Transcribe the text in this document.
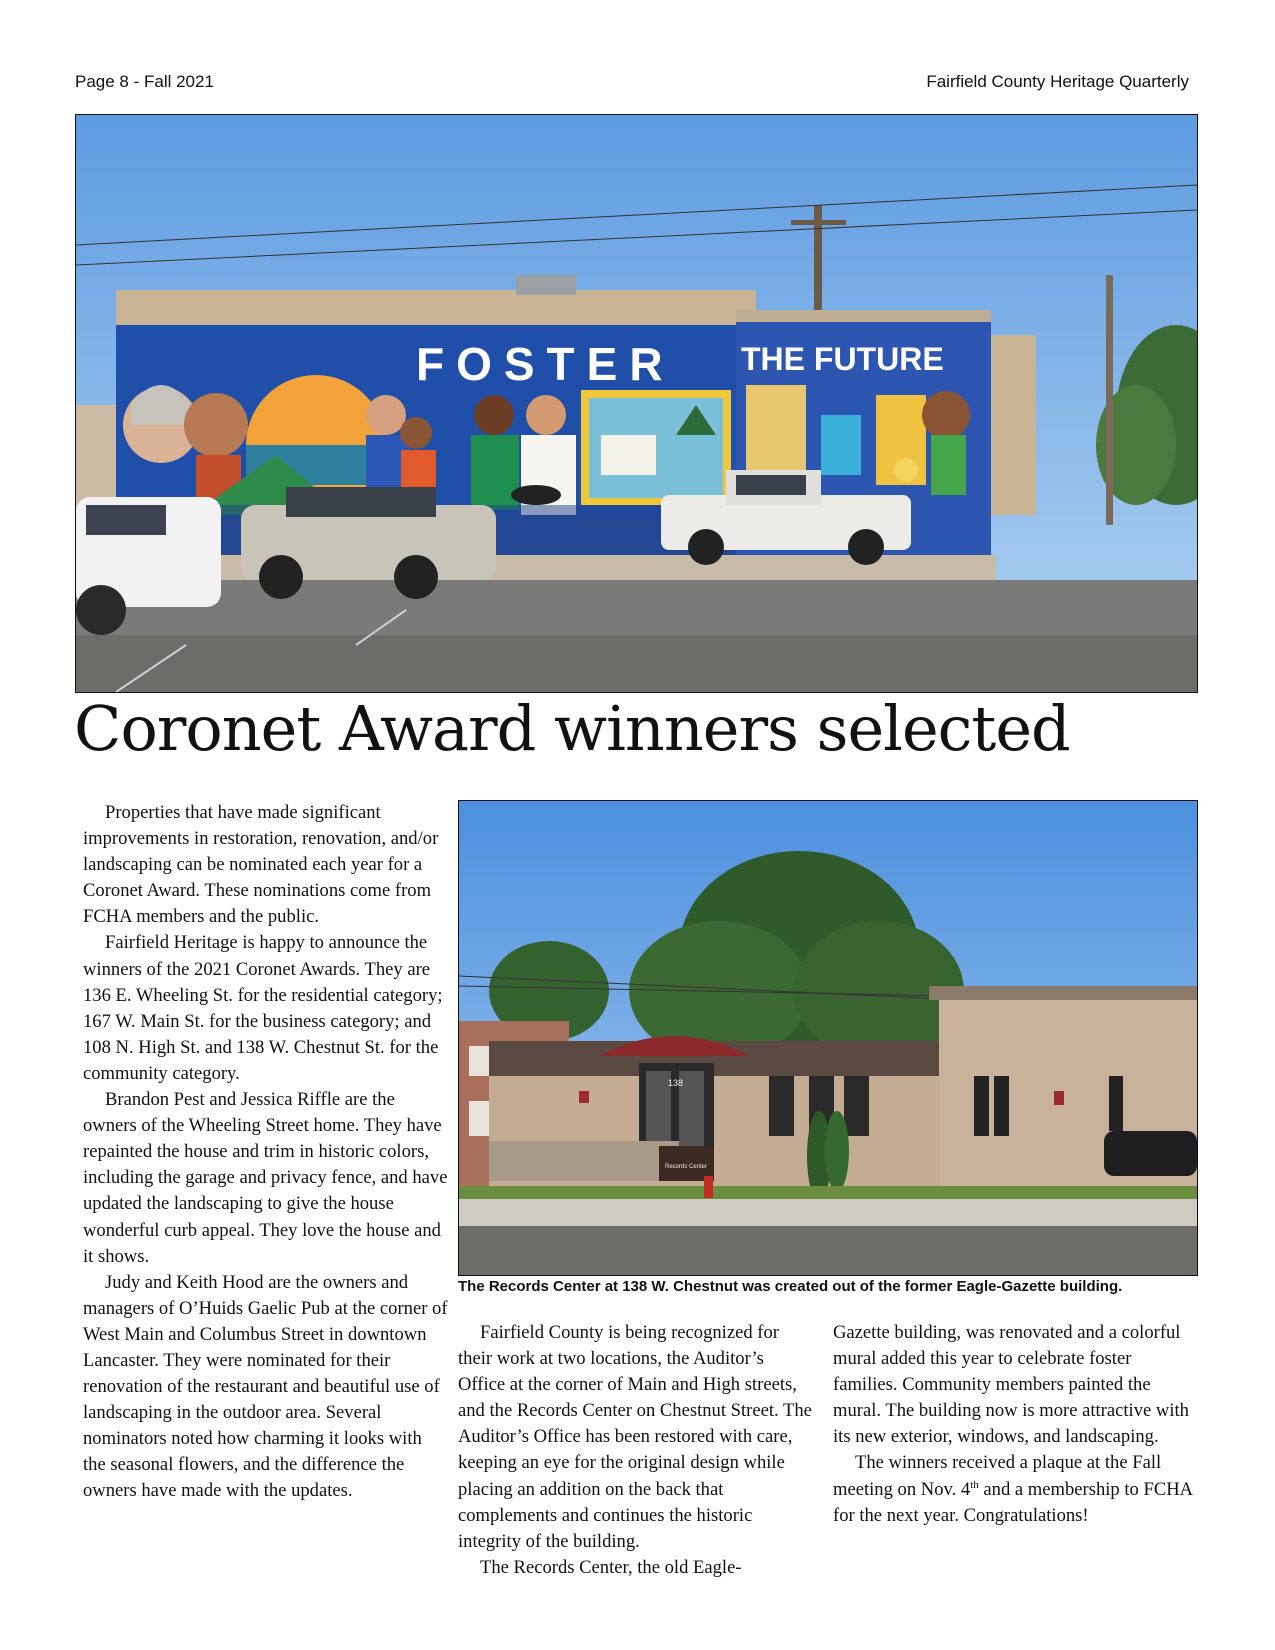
Page 8 - Fall 2021	Fairfield County Heritage Quarterly
FOSTER THE FUTURE
Coronet Award winners selected

Properties that have made significant improvements in restoration, renovation, and/or landscaping can be nominated each year for a Coronet Award. These nominations come from FCHA members and the public.

Fairfield Heritage is happy to announce the winners of the 2021 Coronet Awards. They are 136 E. Wheeling St. for the residential category; 167 W. Main St. for the business category; and 108 N. High St. and 138 W. Chestnut St. for the community category.

Brandon Pest and Jessica Riffle are the owners of the Wheeling Street home. They have repainted the house and trim in historic colors, including the garage and privacy fence, and have updated the landscaping to give the house wonderful curb appeal. They love the house and it shows.

Judy and Keith Hood are the owners and managers of O’Huids Gaelic Pub at the corner of West Main and Columbus Street in downtown Lancaster. They were nominated for their renovation of the restaurant and beautiful use of landscaping in the outdoor area. Several nominators noted how charming it looks with the seasonal flowers, and the difference the owners have made with the updates.

138
Records Center
The Records Center at 138 W. Chestnut was created out of the former Eagle-Gazette building.

Fairfield County is being recognized for their work at two locations, the Auditor’s Office at the corner of Main and High streets, and the Records Center on Chestnut Street. The Auditor’s Office has been restored with care, keeping an eye for the original design while placing an addition on the back that complements and continues the historic integrity of the building.

The Records Center, the old Eagle-

Gazette building, was renovated and a colorful mural added this year to celebrate foster families. Community members painted the mural. The building now is more attractive with its new exterior, windows, and landscaping.

The winners received a plaque at the Fall meeting on Nov. 4th and a membership to FCHA for the next year. Congratulations!
